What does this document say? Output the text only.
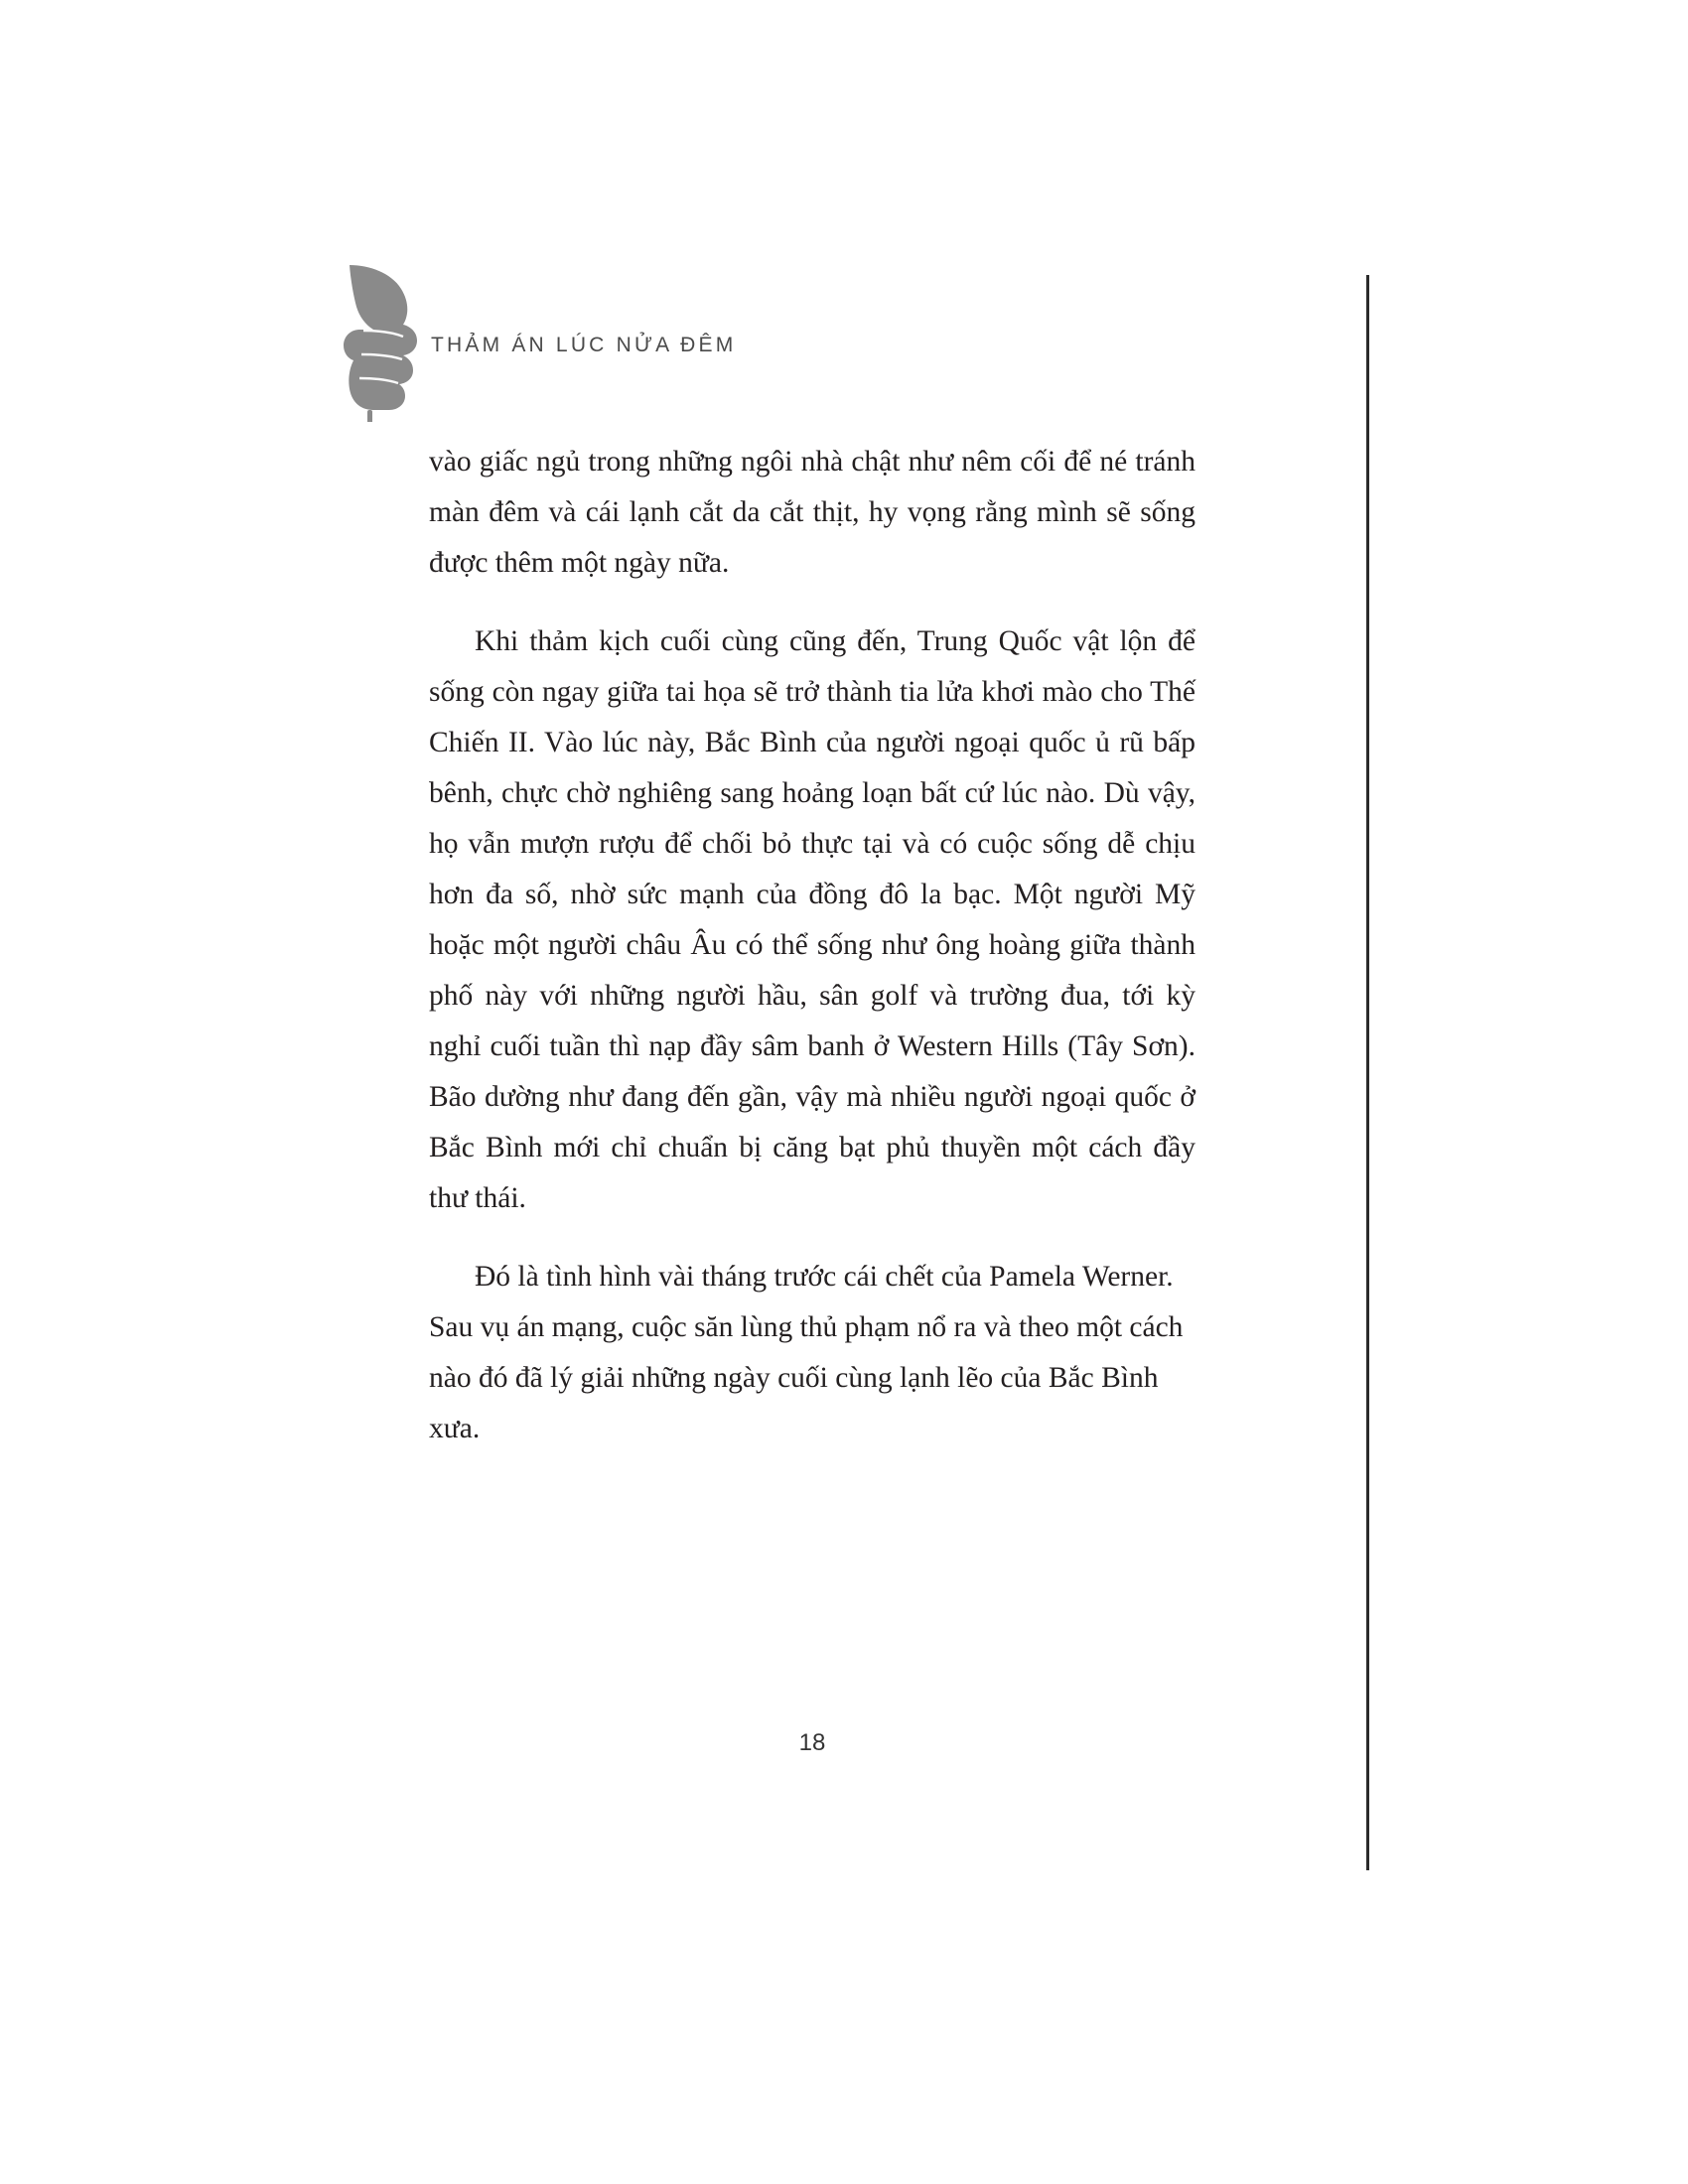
THẢM ÁN LÚC NỬA ĐÊM

vào giấc ngủ trong những ngôi nhà chật như nêm cối để né tránh màn đêm và cái lạnh cắt da cắt thịt, hy vọng rằng mình sẽ sống được thêm một ngày nữa.

Khi thảm kịch cuối cùng cũng đến, Trung Quốc vật lộn để sống còn ngay giữa tai họa sẽ trở thành tia lửa khơi mào cho Thế Chiến II. Vào lúc này, Bắc Bình của người ngoại quốc ủ rũ bấp bênh, chực chờ nghiêng sang hoảng loạn bất cứ lúc nào. Dù vậy, họ vẫn mượn rượu để chối bỏ thực tại và có cuộc sống dễ chịu hơn đa số, nhờ sức mạnh của đồng đô la bạc. Một người Mỹ hoặc một người châu Âu có thể sống như ông hoàng giữa thành phố này với những người hầu, sân golf và trường đua, tới kỳ nghỉ cuối tuần thì nạp đầy sâm banh ở Western Hills (Tây Sơn). Bão dường như đang đến gần, vậy mà nhiều người ngoại quốc ở Bắc Bình mới chỉ chuẩn bị căng bạt phủ thuyền một cách đầy thư thái.

Đó là tình hình vài tháng trước cái chết của Pamela Werner. Sau vụ án mạng, cuộc săn lùng thủ phạm nổ ra và theo một cách nào đó đã lý giải những ngày cuối cùng lạnh lẽo của Bắc Bình xưa.

18
